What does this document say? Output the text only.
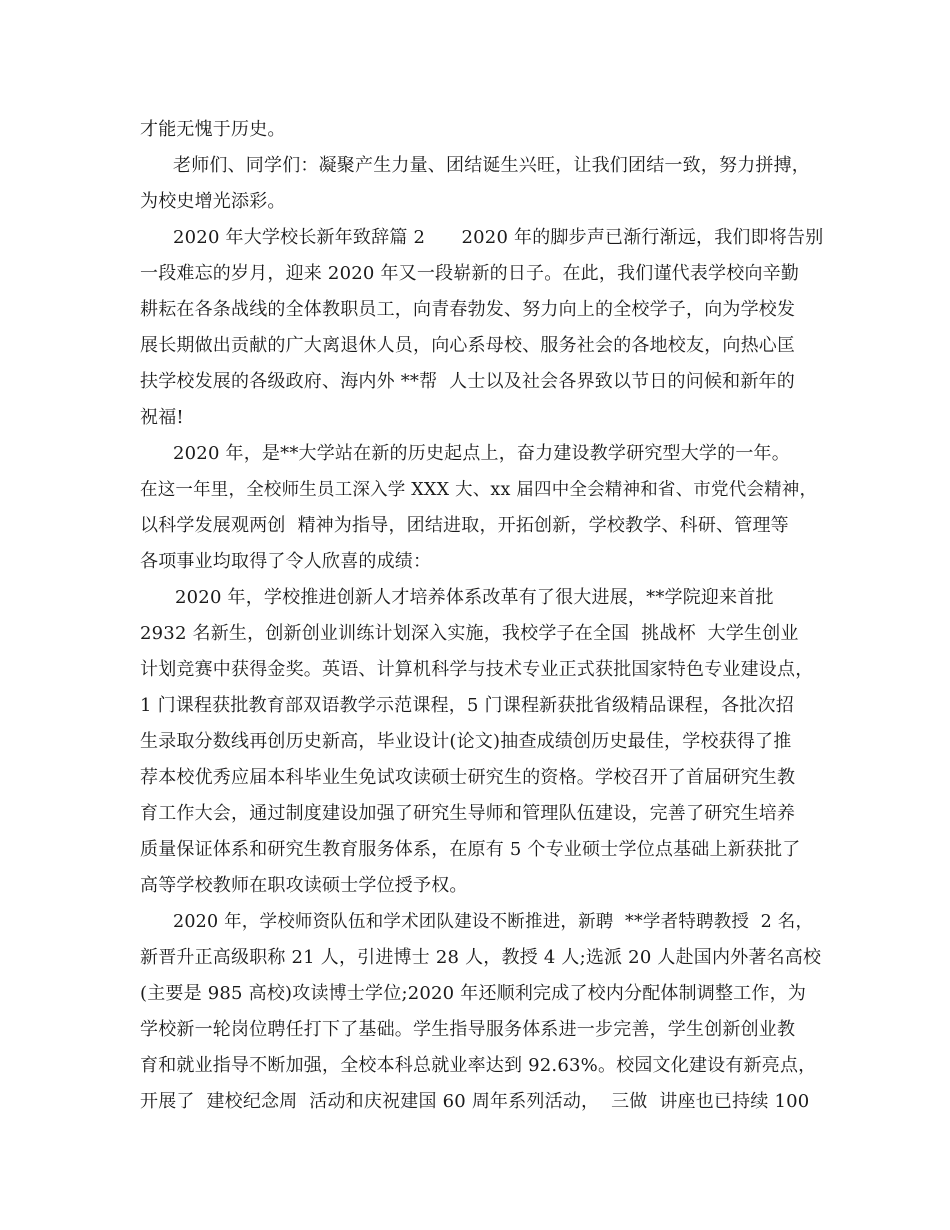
才能无愧于历史。
老师们、同学们：凝聚产生力量、团结诞生兴旺，让我们团结一致，努力拼搏，
为校史增光添彩。
2020 年大学校长新年致辞篇 2　　2020 年的脚步声已渐行渐远，我们即将告别
一段难忘的岁月，迎来 2020 年又一段崭新的日子。在此，我们谨代表学校向辛勤
耕耘在各条战线的全体教职员工，向青春勃发、努力向上的全校学子，向为学校发
展长期做出贡献的广大离退休人员，向心系母校、服务社会的各地校友，向热心匡
扶学校发展的各级政府、海内外 **帮  人士以及社会各界致以节日的问候和新年的
祝福!
2020 年，是**大学站在新的历史起点上，奋力建设教学研究型大学的一年。
在这一年里，全校师生员工深入学 XXX 大、xx 届四中全会精神和省、市党代会精神，
以科学发展观两创  精神为指导，团结进取，开拓创新，学校教学、科研、管理等
各项事业均取得了令人欣喜的成绩：
2020 年，学校推进创新人才培养体系改革有了很大进展，**学院迎来首批
2932 名新生，创新创业训练计划深入实施，我校学子在全国  挑战杯  大学生创业
计划竞赛中获得金奖。英语、计算机科学与技术专业正式获批国家特色专业建设点，
1 门课程获批教育部双语教学示范课程，5 门课程新获批省级精品课程，各批次招
生录取分数线再创历史新高，毕业设计(论文)抽查成绩创历史最佳，学校获得了推
荐本校优秀应届本科毕业生免试攻读硕士研究生的资格。学校召开了首届研究生教
育工作大会，通过制度建设加强了研究生导师和管理队伍建设，完善了研究生培养
质量保证体系和研究生教育服务体系，在原有 5 个专业硕士学位点基础上新获批了
高等学校教师在职攻读硕士学位授予权。
2020 年，学校师资队伍和学术团队建设不断推进，新聘  **学者特聘教授  2 名，
新晋升正高级职称 21 人，引进博士 28 人，教授 4 人;选派 20 人赴国内外著名高校
(主要是 985 高校)攻读博士学位;2020 年还顺利完成了校内分配体制调整工作，为
学校新一轮岗位聘任打下了基础。学生指导服务体系进一步完善，学生创新创业教
育和就业指导不断加强，全校本科总就业率达到 92.63%。校园文化建设有新亮点，
开展了  建校纪念周  活动和庆祝建国 60 周年系列活动，  三做  讲座也已持续 100
